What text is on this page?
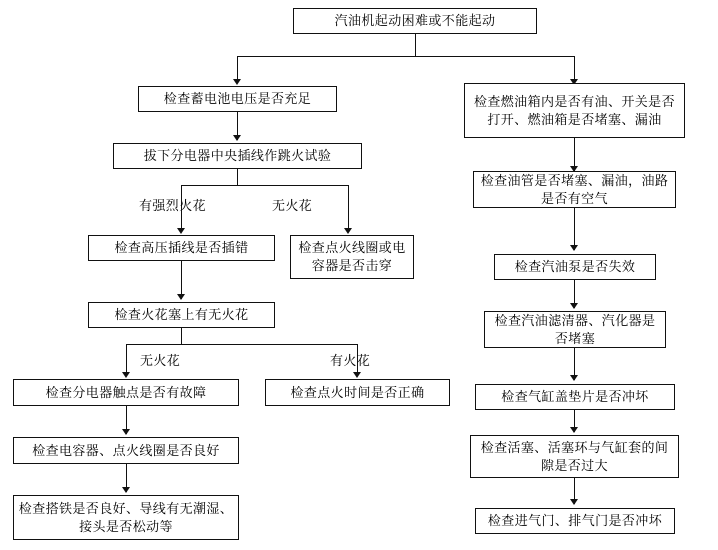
汽油机起动困难或不能起动
检查蓄电池电压是否充足
拔下分电器中央插线作跳火试验
检查高压插线是否插错	检查点火线圈或电容器是否击穿
检查火花塞上有无火花
检查分电器触点是否有故障	检查点火时间是否正确
检查电容器、点火线圈是否良好
检查搭铁是否良好、导线有无潮湿、接头是否松动等
检查燃油箱内是否有油、开关是否打开、燃油箱是否堵塞、漏油
检查油管是否堵塞、漏油，油路是否有空气
检查汽油泵是否失效
检查汽油滤清器、汽化器是否堵塞
检查气缸盖垫片是否冲坏
检查活塞、活塞环与气缸套的间隙是否过大
检查进气门、排气门是否冲坏
有强烈火花	无火花
无火花	有火花
